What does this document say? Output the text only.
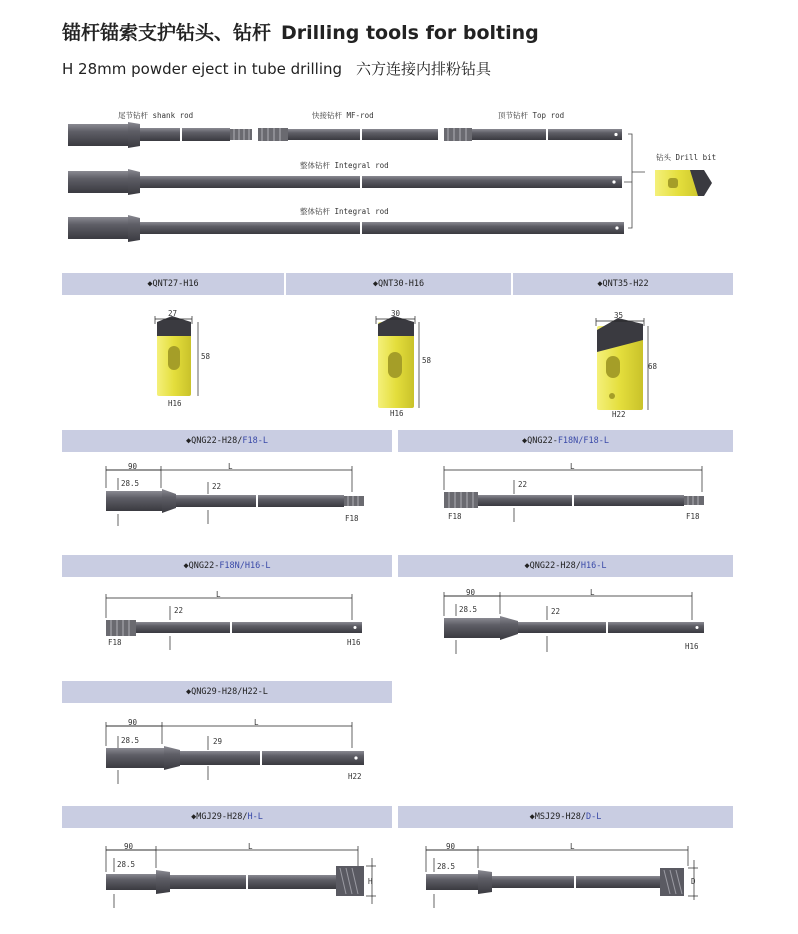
锚杆锚索支护钻头、钻杆 Drilling tools for bolting
H 28mm powder eject in tube drilling 六方连接内排粉钻具
尾节钻杆 shank rod	快接钻杆 MF-rod	顶节钻杆 Top rod
整体钻杆 Integral rod
整体钻杆 Integral rod
钻头 Drill bit
◆QNT27-H16	◆QNT30-H16	◆QNT35-H22
27
58
H16
30
58
H16
35
68
H22
◆QNG22-H28/ F18-L	◆QNG22- F18N/F18-L
◆QNG22- F18N/H16-L	◆QNG22-H28/ H16-L
◆QNG29-H28/H22-L
◆MGJ29-H28/ H-L	◆MSJ29-H28/ D-L
90	L
28.5	22
F18
L
22
F18	F18
L
22
F18	H16
90	L
28.5	22
H16
90	L
28.5	29
H22
90	L
28.5
H
90	L
28.5
D
